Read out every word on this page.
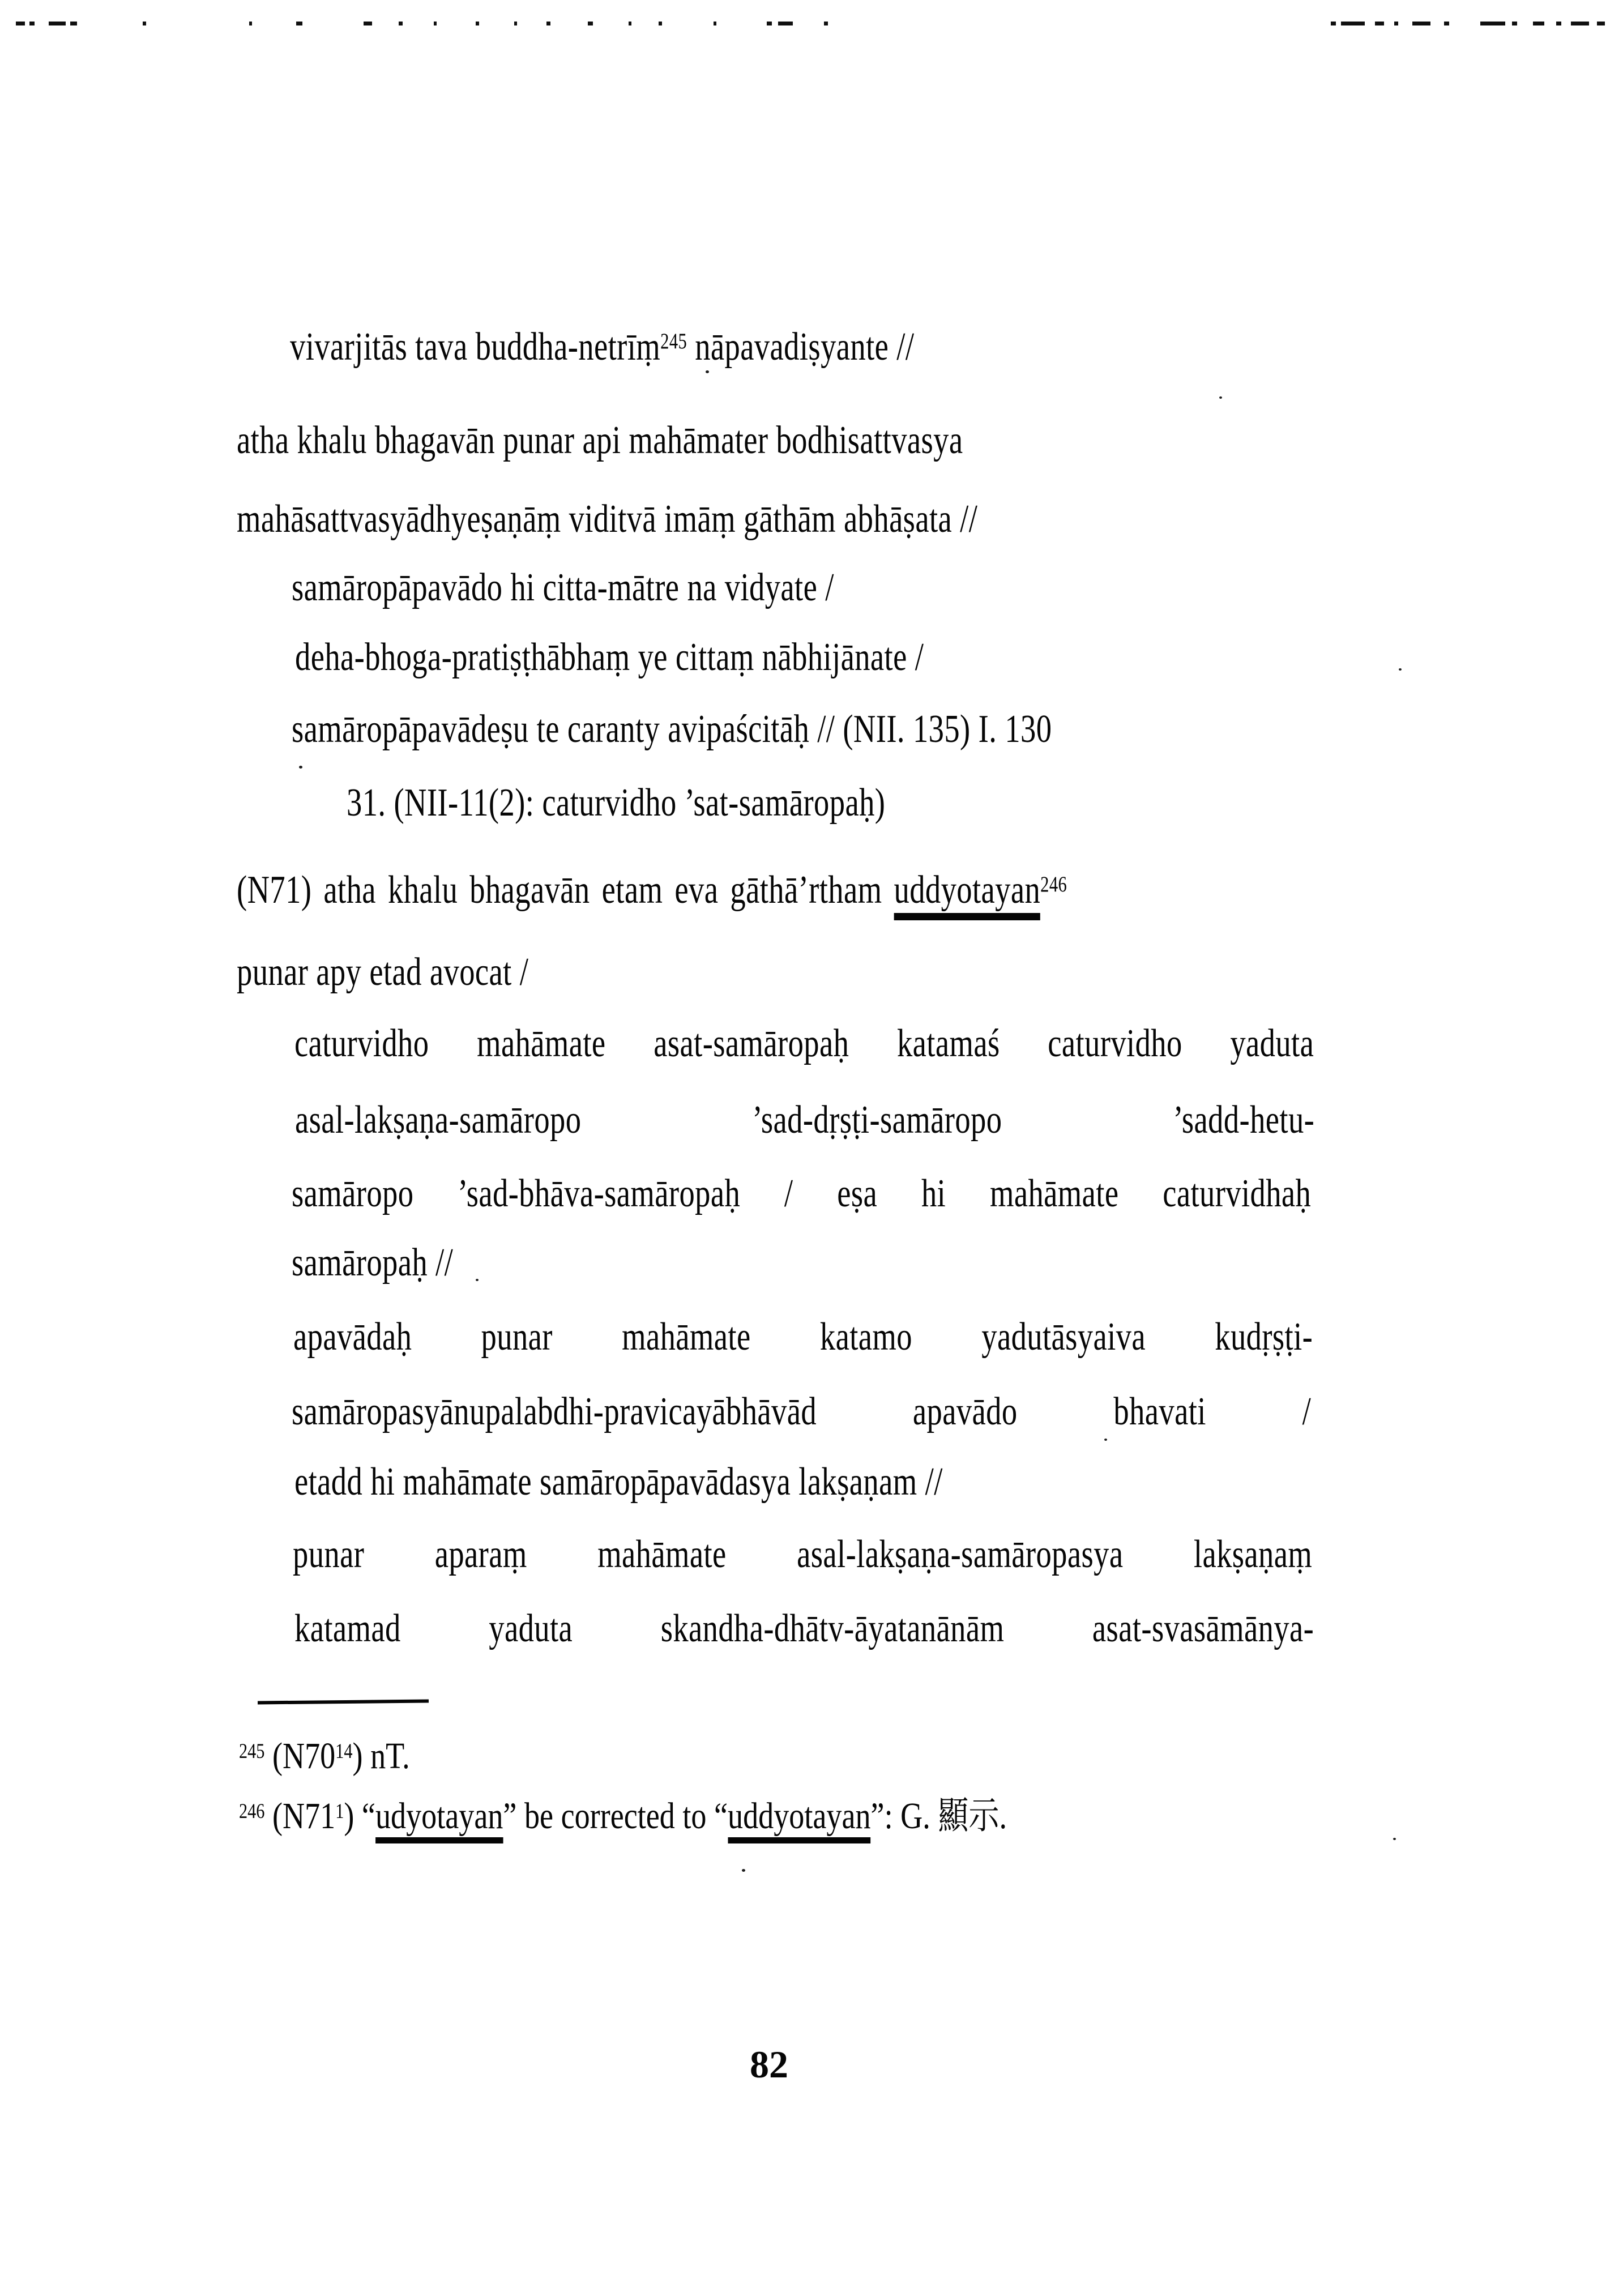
vivarjitās tava buddha-netrīṃ$^{245}$ nāpavadiṣyante //
atha khalu bhagavān punar api mahāmater bodhisattvasya
mahāsattvasyādhyeṣaṇāṃ viditvā imāṃ gāthām abhāṣata //
samāropāpavādo hi citta-mātre na vidyate /
deha-bhoga-pratiṣṭhābhaṃ ye cittaṃ nābhijānate /
samāropāpavādeṣu te caranty avipaścitāḥ // (NII. 135) I. 130
31. (NII-11(2): caturvidho ’sat-samāropaḥ)
(N71) atha khalu bhagavān etam eva gāthā’rtham uddyotayan$^{246}$
punar apy etad avocat /
caturvidho mahāmate asat-samāropaḥ katamaś caturvidho yaduta
asal-lakṣaṇa-samāropo	’sad-dṛṣṭi-samāropo	’sadd-hetu-
samāropo ’sad-bhāva-samāropaḥ / eṣa hi mahāmate caturvidhaḥ
samāropaḥ //
apavādaḥ punar mahāmate katamo yadutāsyaiva kudṛṣṭi-
samāropasyānupalabdhi-pravicayābhāvād apavādo bhavati /
etadd hi mahāmate samāropāpavādasya lakṣaṇam //
punar aparaṃ mahāmate asal-lakṣaṇa-samāropasya lakṣaṇaṃ
katamad yaduta skandha-dhātv-āyatanānām asat-svasāmānya-
$^{245}$ $(N70^{14})$ nT.
$^{246}$ $(N71^1)$ “udyotayan” be corrected to “uddyotayan”: G. 顯示.
82
